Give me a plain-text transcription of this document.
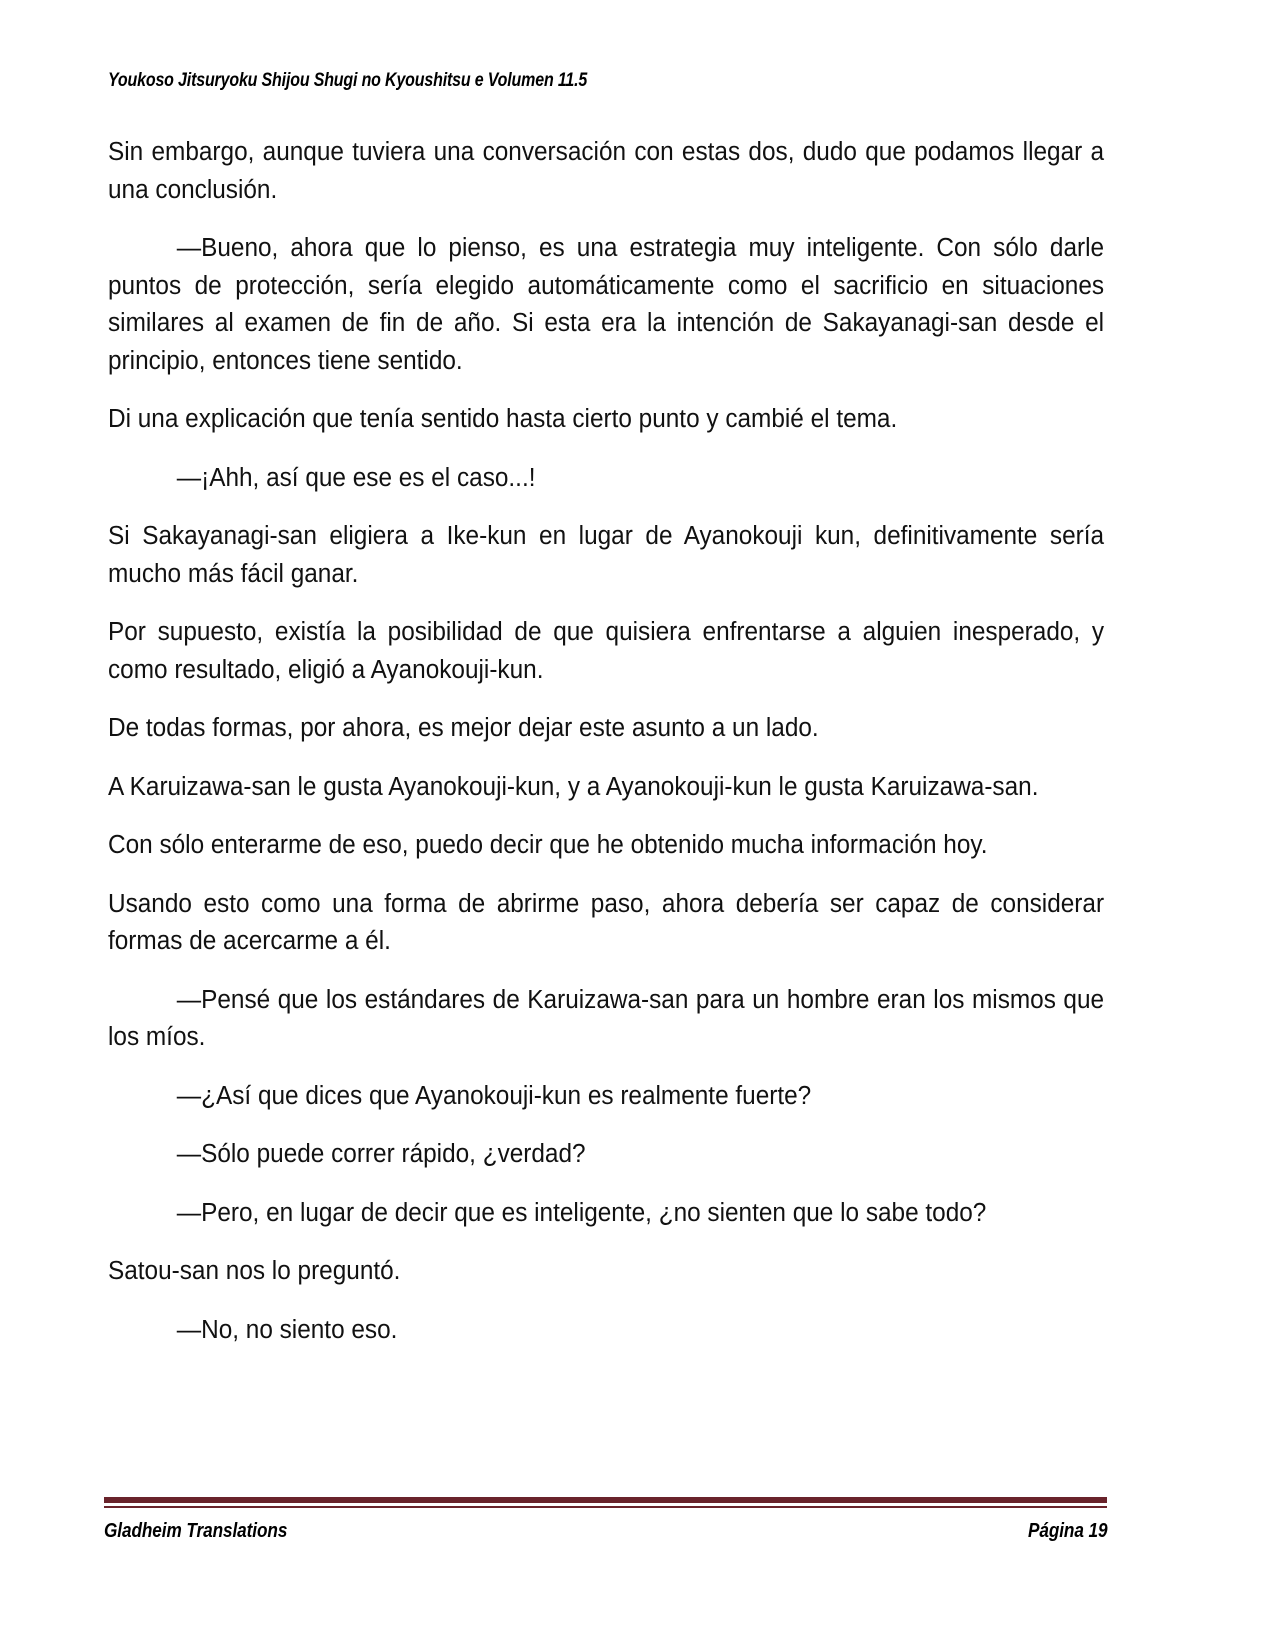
Youkoso Jitsuryoku Shijou Shugi no Kyoushitsu e Volumen 11.5

Sin embargo, aunque tuviera una conversación con estas dos, dudo que podamos llegar a una conclusión.

—Bueno, ahora que lo pienso, es una estrategia muy inteligente. Con sólo darle puntos de protección, sería elegido automáticamente como el sacrificio en situaciones similares al examen de fin de año. Si esta era la intención de Sakayanagi-san desde el principio, entonces tiene sentido.

Di una explicación que tenía sentido hasta cierto punto y cambié el tema.

—¡Ahh, así que ese es el caso...!

Si Sakayanagi-san eligiera a Ike-kun en lugar de Ayanokouji kun, definitivamente sería mucho más fácil ganar.

Por supuesto, existía la posibilidad de que quisiera enfrentarse a alguien inesperado, y como resultado, eligió a Ayanokouji-kun.

De todas formas, por ahora, es mejor dejar este asunto a un lado.

A Karuizawa-san le gusta Ayanokouji-kun, y a Ayanokouji-kun le gusta Karuizawa-san.

Con sólo enterarme de eso, puedo decir que he obtenido mucha información hoy.

Usando esto como una forma de abrirme paso, ahora debería ser capaz de considerar formas de acercarme a él.

—Pensé que los estándares de Karuizawa-san para un hombre eran los mismos que los míos.

—¿Así que dices que Ayanokouji-kun es realmente fuerte?

—Sólo puede correr rápido, ¿verdad?

—Pero, en lugar de decir que es inteligente, ¿no sienten que lo sabe todo?

Satou-san nos lo preguntó.

—No, no siento eso.

Gladheim Translations	Página 19
